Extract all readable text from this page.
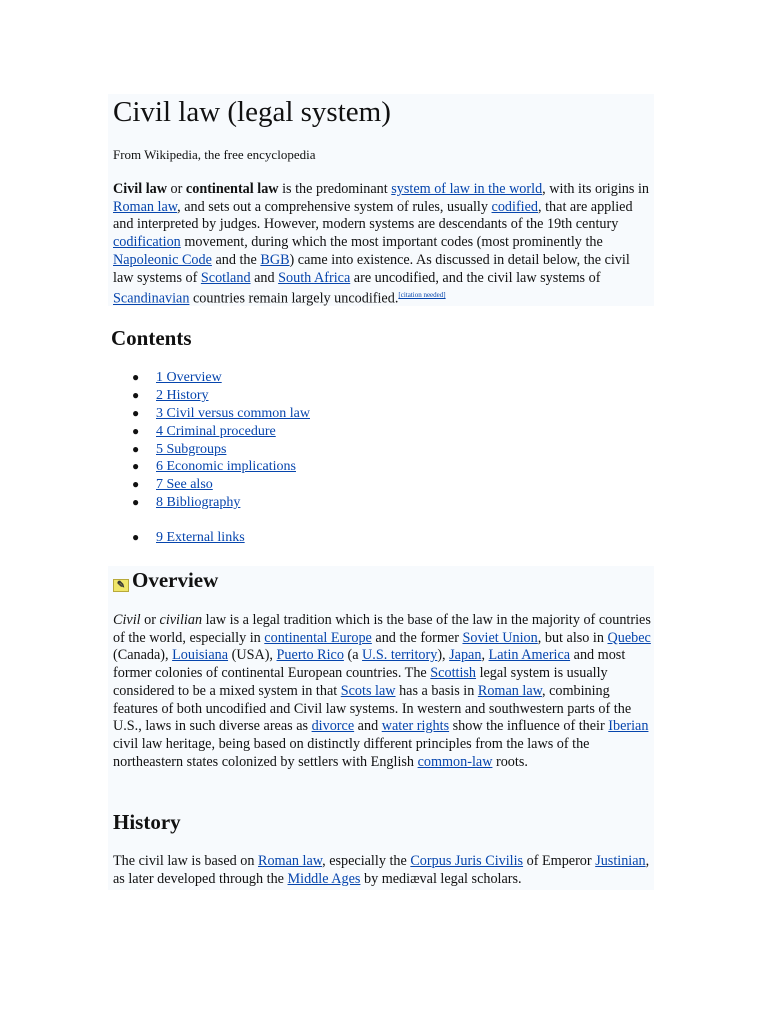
Civil law (legal system)
From Wikipedia, the free encyclopedia
Civil law or continental law is the predominant system of law in the world, with its origins in Roman law, and sets out a comprehensive system of rules, usually codified, that are applied and interpreted by judges. However, modern systems are descendants of the 19th century codification movement, during which the most important codes (most prominently the Napoleonic Code and the BGB) came into existence. As discussed in detail below, the civil law systems of Scotland and South Africa are uncodified, and the civil law systems of Scandinavian countries remain largely uncodified.[citation needed]
Contents
● 1 Overview
● 2 History
● 3 Civil versus common law
● 4 Criminal procedure
● 5 Subgroups
● 6 Economic implications
● 7 See also
● 8 Bibliography
● 9 External links
✎ Overview
Civil or civilian law is a legal tradition which is the base of the law in the majority of countries of the world, especially in continental Europe and the former Soviet Union, but also in Quebec (Canada), Louisiana (USA), Puerto Rico (a U.S. territory), Japan, Latin America and most former colonies of continental European countries. The Scottish legal system is usually considered to be a mixed system in that Scots law has a basis in Roman law, combining features of both uncodified and Civil law systems. In western and southwestern parts of the U.S., laws in such diverse areas as divorce and water rights show the influence of their Iberian civil law heritage, being based on distinctly different principles from the laws of the northeastern states colonized by settlers with English common-law roots.
History
The civil law is based on Roman law, especially the Corpus Juris Civilis of Emperor Justinian, as later developed through the Middle Ages by mediæval legal scholars.
